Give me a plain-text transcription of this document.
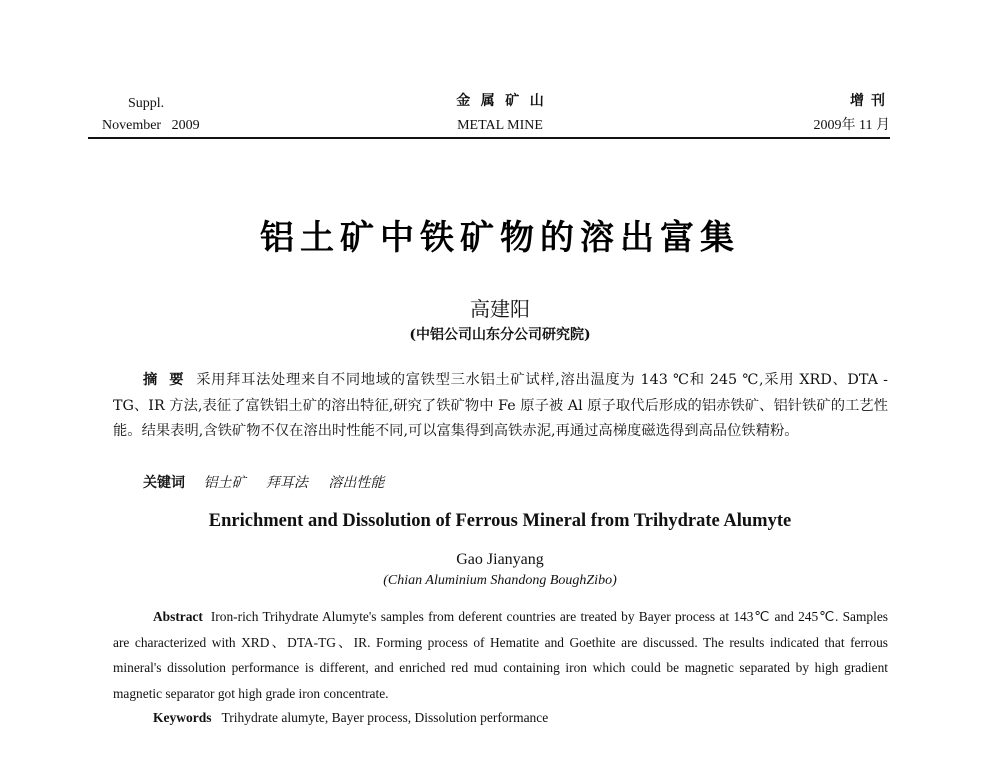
Suppl.
November   2009
金   属   矿   山
METAL MINE
增  刊
2009年 11 月
铝土矿中铁矿物的溶出富集
高建阳
(中铝公司山东分公司研究院)
摘  要 采用拜耳法处理来自不同地域的富铁型三水铝土矿试样,溶出温度为 143 ℃和 245 ℃,采用 XRD、DTA - TG、IR 方法,表征了富铁铝土矿的溶出特征,研究了铁矿物中 Fe 原子被 Al 原子取代后形成的铝赤铁矿、铝针铁矿的工艺性能。结果表明,含铁矿物不仅在溶出时性能不同,可以富集得到高铁赤泥,再通过高梯度磁选得到高品位铁精粉。
关键词 铝土矿 拜耳法 溶出性能
Enrichment and Dissolution of Ferrous Mineral from Trihydrate Alumyte
Gao Jianyang
(Chian Aluminium Shandong BoughZibo)
Abstract Iron-rich Trihydrate Alumyte's samples from deferent countries are treated by Bayer process at 143℃ and 245℃. Samples are characterized with XRD、DTA-TG、IR. Forming process of Hematite and Goethite are discussed. The results indicated that ferrous mineral's dissolution performance is different, and enriched red mud containing iron which could be magnetic separated by high gradient magnetic separator got high grade iron concentrate.
Keywords Trihydrate alumyte, Bayer process, Dissolution performance
